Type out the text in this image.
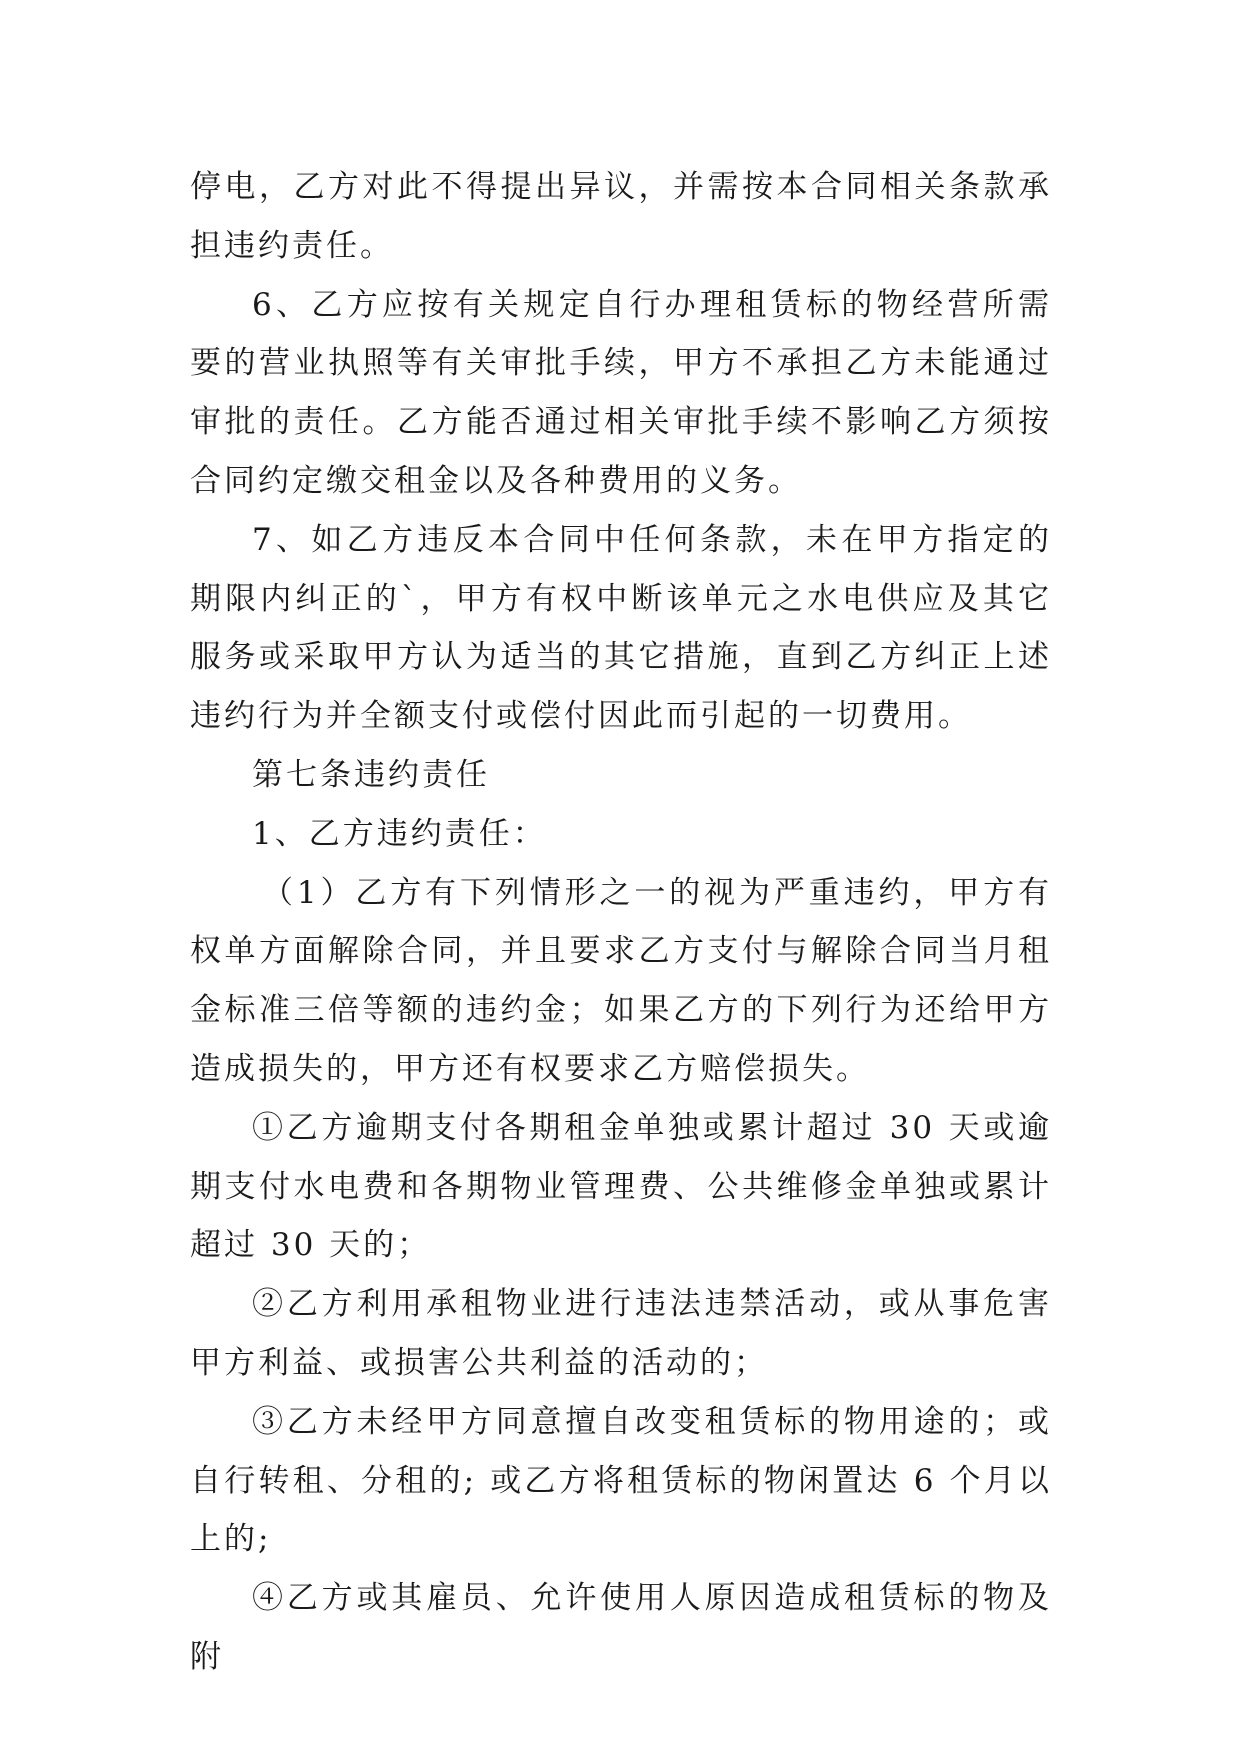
停电，乙方对此不得提出异议，并需按本合同相关条款承担违约责任。

6、乙方应按有关规定自行办理租赁标的物经营所需要的营业执照等有关审批手续，甲方不承担乙方未能通过审批的责任。乙方能否通过相关审批手续不影响乙方须按合同约定缴交租金以及各种费用的义务。

7、如乙方违反本合同中任何条款，未在甲方指定的期限内纠正的`，甲方有权中断该单元之水电供应及其它服务或采取甲方认为适当的其它措施，直到乙方纠正上述违约行为并全额支付或偿付因此而引起的一切费用。

第七条违约责任

1、乙方违约责任：

（1）乙方有下列情形之一的视为严重违约，甲方有权单方面解除合同，并且要求乙方支付与解除合同当月租金标准三倍等额的违约金；如果乙方的下列行为还给甲方造成损失的，甲方还有权要求乙方赔偿损失。

①乙方逾期支付各期租金单独或累计超过 30 天或逾期支付水电费和各期物业管理费、公共维修金单独或累计超过 30 天的；

②乙方利用承租物业进行违法违禁活动，或从事危害甲方利益、或损害公共利益的活动的；

③乙方未经甲方同意擅自改变租赁标的物用途的；或自行转租、分租的; 或乙方将租赁标的物闲置达 6 个月以上的;

④乙方或其雇员、允许使用人原因造成租赁标的物及附
